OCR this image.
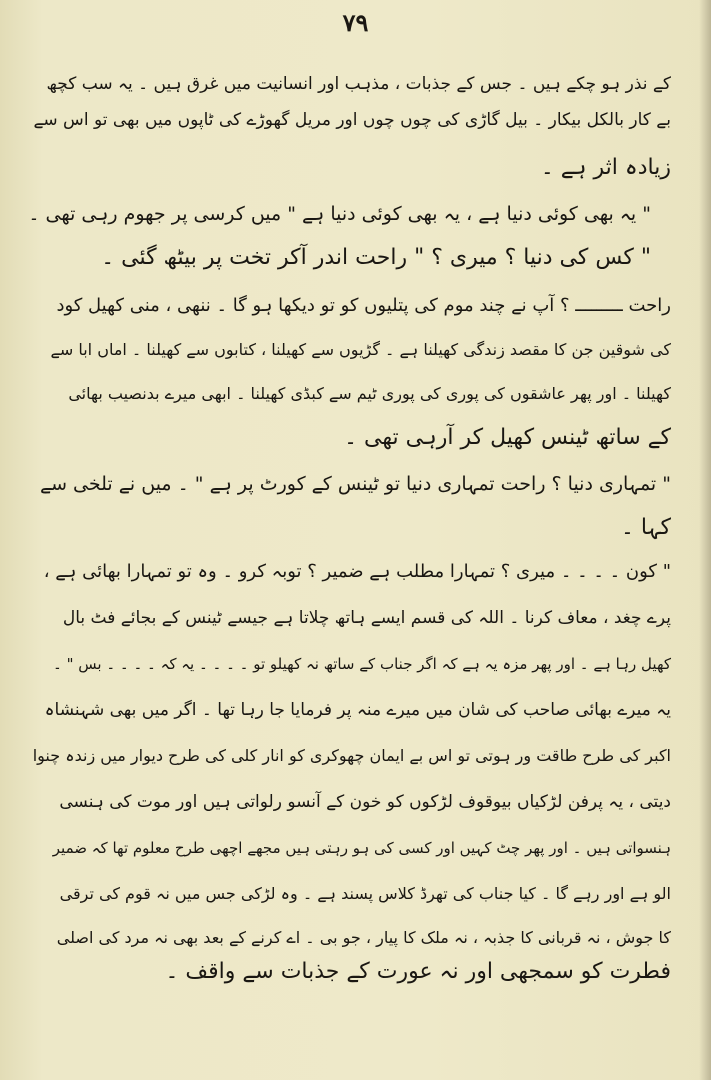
۷۹
کے نذر ہو چکے ہیں ۔ جس کے جذبات ، مذہب اور انسانیت میں غرق ہیں ۔ یہ سب کچھ
بے کار بالکل بیکار ۔ بیل گاڑی کی چوں چوں اور مریل گھوڑے کی ٹاپوں میں بھی تو اس سے
زیادہ اثر ہے ۔
" یہ بھی کوئی دنیا ہے ، یہ بھی کوئی دنیا ہے " میں کرسی پر جھوم رہی تھی ۔
" کس کی دنیا ؟ میری ؟ " راحت اندر آکر تخت پر بیٹھ گئی ۔
راحت ـــــــــ ؟ آپ نے چند موم کی پتلیوں کو تو دیکھا ہو گا ۔ ننھی ، منی کھیل کود
کی شوقین جن کا مقصد زندگی کھیلنا ہے ۔ گڑیوں سے کھیلنا ، کتابوں سے کھیلنا ۔ اماں ابا سے
کھیلنا ۔ اور پھر عاشقوں کی پوری کی پوری ٹیم سے کبڈی کھیلنا ۔ ابھی میرے بدنصیب بھائی
کے ساتھ ٹینس کھیل کر آرہی تھی ۔
" تمہاری دنیا ؟ راحت تمہاری دنیا تو ٹینس کے کورٹ پر ہے " ۔ میں نے تلخی سے
کہا ۔
" کون ۔ ۔ ۔ ۔ میری ؟ تمہارا مطلب ہے ضمیر ؟ توبہ کرو ۔ وہ تو تمہارا بھائی ہے ،
پرے چغد ، معاف کرنا ۔ اللہ کی قسم ایسے ہاتھ چلاتا ہے جیسے ٹینس کے بجائے فٹ بال
کھیل رہا ہے ۔ اور پھر مزہ یہ ہے کہ اگر جناب کے ساتھ نہ کھیلو تو ۔ ۔ ۔ ۔ یہ کہ ۔ ۔ ۔ ۔ بس " ۔
یہ میرے بھائی صاحب کی شان میں میرے منہ پر فرمایا جا رہا تھا ۔ اگر میں بھی شہنشاہ
اکبر کی طرح طاقت ور ہوتی تو اس بے ایمان چھوکری کو انار کلی کی طرح دیوار میں زندہ چنوا
دیتی ، یہ پرفن لڑکیاں بیوقوف لڑکوں کو خون کے آنسو رلواتی ہیں اور موت کی ہنسی
ہنسواتی ہیں ۔ اور پھر چٹ کہیں اور کسی کی ہو رہتی ہیں مجھے اچھی طرح معلوم تھا کہ ضمیر
الو ہے اور رہے گا ۔ کیا جناب کی تھرڈ کلاس پسند ہے ۔ وہ لڑکی جس میں نہ قوم کی ترقی
کا جوش ، نہ قربانی کا جذبہ ، نہ ملک کا پیار ، جو بی ۔ اے کرنے کے بعد بھی نہ مرد کی اصلی
فطرت کو سمجھی اور نہ عورت کے جذبات سے واقف ۔
